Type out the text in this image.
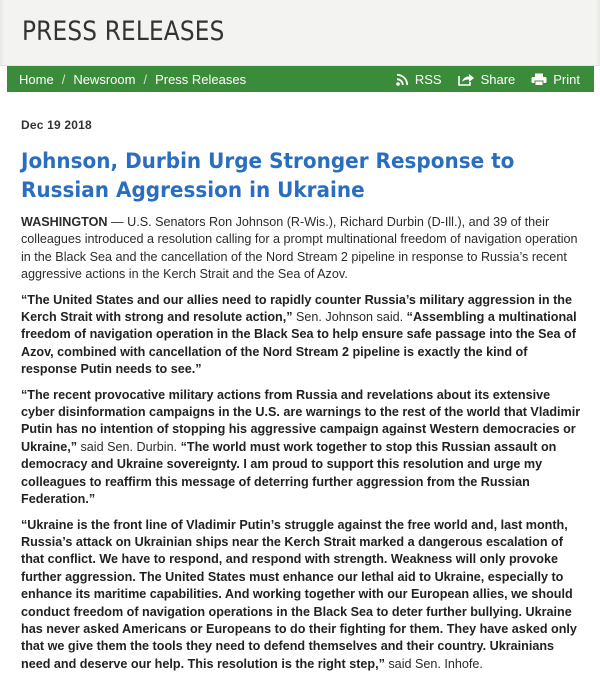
PRESS RELEASES
Home / Newsroom / Press Releases	RSS	Share	Print
Dec 19 2018
Johnson, Durbin Urge Stronger Response to Russian Aggression in Ukraine

WASHINGTON — U.S. Senators Ron Johnson (R-Wis.), Richard Durbin (D-Ill.), and 39 of their colleagues introduced a resolution calling for a prompt multinational freedom of navigation operation in the Black Sea and the cancellation of the Nord Stream 2 pipeline in response to Russia’s recent aggressive actions in the Kerch Strait and the Sea of Azov.

“The United States and our allies need to rapidly counter Russia’s military aggression in the Kerch Strait with strong and resolute action,” Sen. Johnson said. “Assembling a multinational freedom of navigation operation in the Black Sea to help ensure safe passage into the Sea of Azov, combined with cancellation of the Nord Stream 2 pipeline is exactly the kind of response Putin needs to see.”

“The recent provocative military actions from Russia and revelations about its extensive cyber disinformation campaigns in the U.S. are warnings to the rest of the world that Vladimir Putin has no intention of stopping his aggressive campaign against Western democracies or Ukraine,” said Sen. Durbin. “The world must work together to stop this Russian assault on democracy and Ukraine sovereignty. I am proud to support this resolution and urge my colleagues to reaffirm this message of deterring further aggression from the Russian Federation.”

“Ukraine is the front line of Vladimir Putin’s struggle against the free world and, last month, Russia’s attack on Ukrainian ships near the Kerch Strait marked a dangerous escalation of that conflict. We have to respond, and respond with strength. Weakness will only provoke further aggression. The United States must enhance our lethal aid to Ukraine, especially to enhance its maritime capabilities. And working together with our European allies, we should conduct freedom of navigation operations in the Black Sea to deter further bullying. Ukraine has never asked Americans or Europeans to do their fighting for them. They have asked only that we give them the tools they need to defend themselves and their country. Ukrainians need and deserve our help. This resolution is the right step,” said Sen. Inhofe.
